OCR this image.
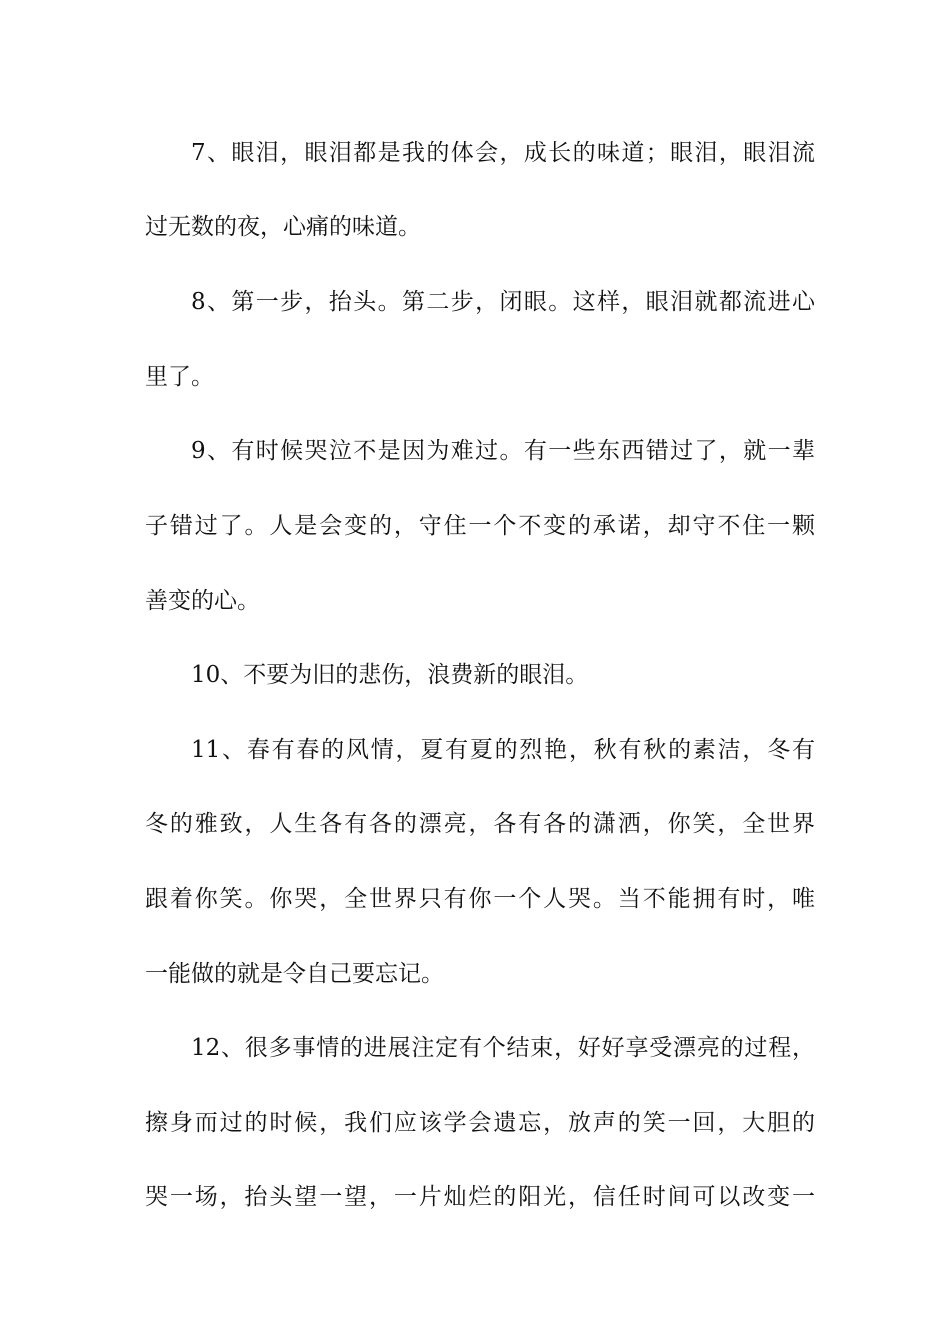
7、眼泪，眼泪都是我的体会，成长的味道；眼泪，眼泪流
过无数的夜，心痛的味道。
8、第一步，抬头。第二步，闭眼。这样，眼泪就都流进心
里了。
9、有时候哭泣不是因为难过。有一些东西错过了，就一辈
子错过了。人是会变的，守住一个不变的承诺，却守不住一颗
善变的心。
10、不要为旧的悲伤，浪费新的眼泪。
11、春有春的风情，夏有夏的烈艳，秋有秋的素洁，冬有
冬的雅致，人生各有各的漂亮，各有各的潇洒，你笑，全世界
跟着你笑。你哭，全世界只有你一个人哭。当不能拥有时，唯
一能做的就是令自己要忘记。
12、很多事情的进展注定有个结束，好好享受漂亮的过程，
擦身而过的时候，我们应该学会遗忘，放声的笑一回，大胆的
哭一场，抬头望一望，一片灿烂的阳光，信任时间可以改变一
